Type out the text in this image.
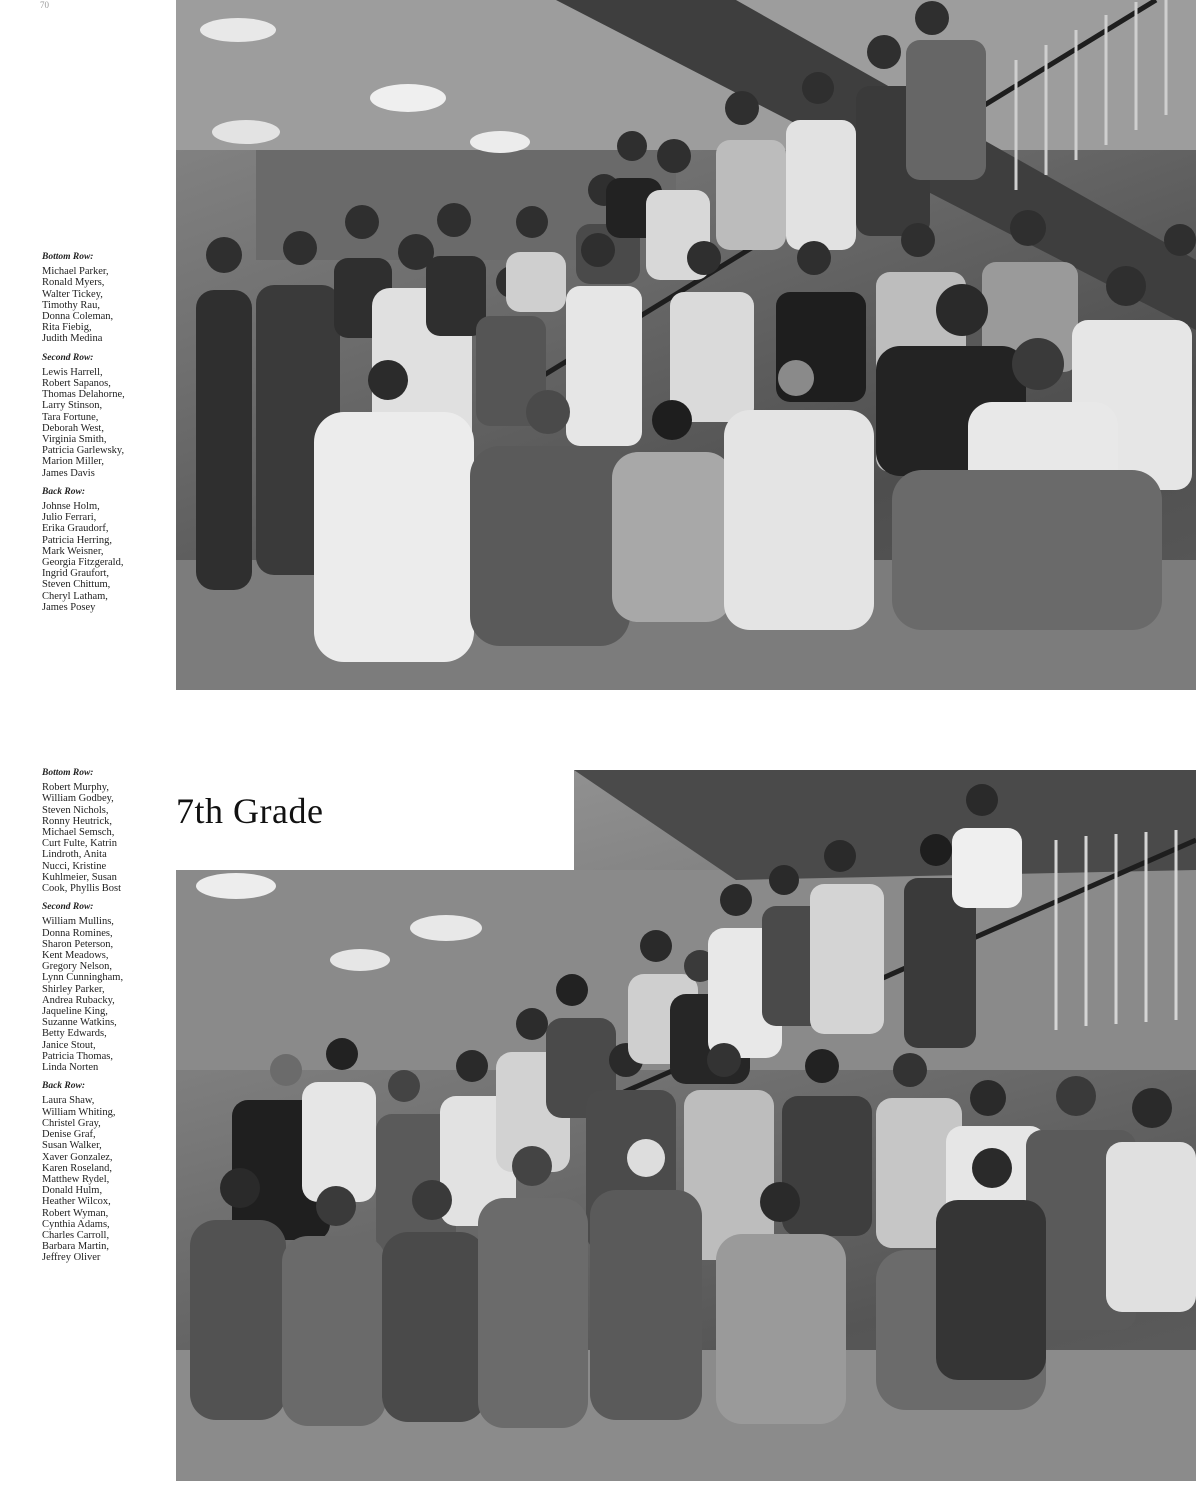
70
Bottom Row:
Michael Parker,
Ronald Myers,
Walter Tickey,
Timothy Rau,
Donna Coleman,
Rita Fiebig,
Judith Medina
Second Row:
Lewis Harrell,
Robert Sapanos,
Thomas Delahorne,
Larry Stinson,
Tara Fortune,
Deborah West,
Virginia Smith,
Patricia Garlewsky,
Marion Miller,
James Davis
Back Row:
Johnse Holm,
Julio Ferrari,
Erika Graudorf,
Patricia Herring,
Mark Weisner,
Georgia Fitzgerald,
Ingrid Graufort,
Steven Chittum,
Cheryl Latham,
James Posey
Bottom Row:
Robert Murphy,
William Godbey,
Steven Nichols,
Ronny Heutrick,
Michael Semsch,
Curt Fulte, Katrin
Lindroth, Anita
Nucci, Kristine
Kuhlmeier, Susan
Cook, Phyllis Bost
Second Row:
William Mullins,
Donna Romines,
Sharon Peterson,
Kent Meadows,
Gregory Nelson,
Lynn Cunningham,
Shirley Parker,
Andrea Rubacky,
Jaqueline King,
Suzanne Watkins,
Betty Edwards,
Janice Stout,
Patricia Thomas,
Linda Norten
Back Row:
Laura Shaw,
William Whiting,
Christel Gray,
Denise Graf,
Susan Walker,
Xaver Gonzalez,
Karen Roseland,
Matthew Rydel,
Donald Hulm,
Heather Wilcox,
Robert Wyman,
Cynthia Adams,
Charles Carroll,
Barbara Martin,
Jeffrey Oliver
7th Grade
